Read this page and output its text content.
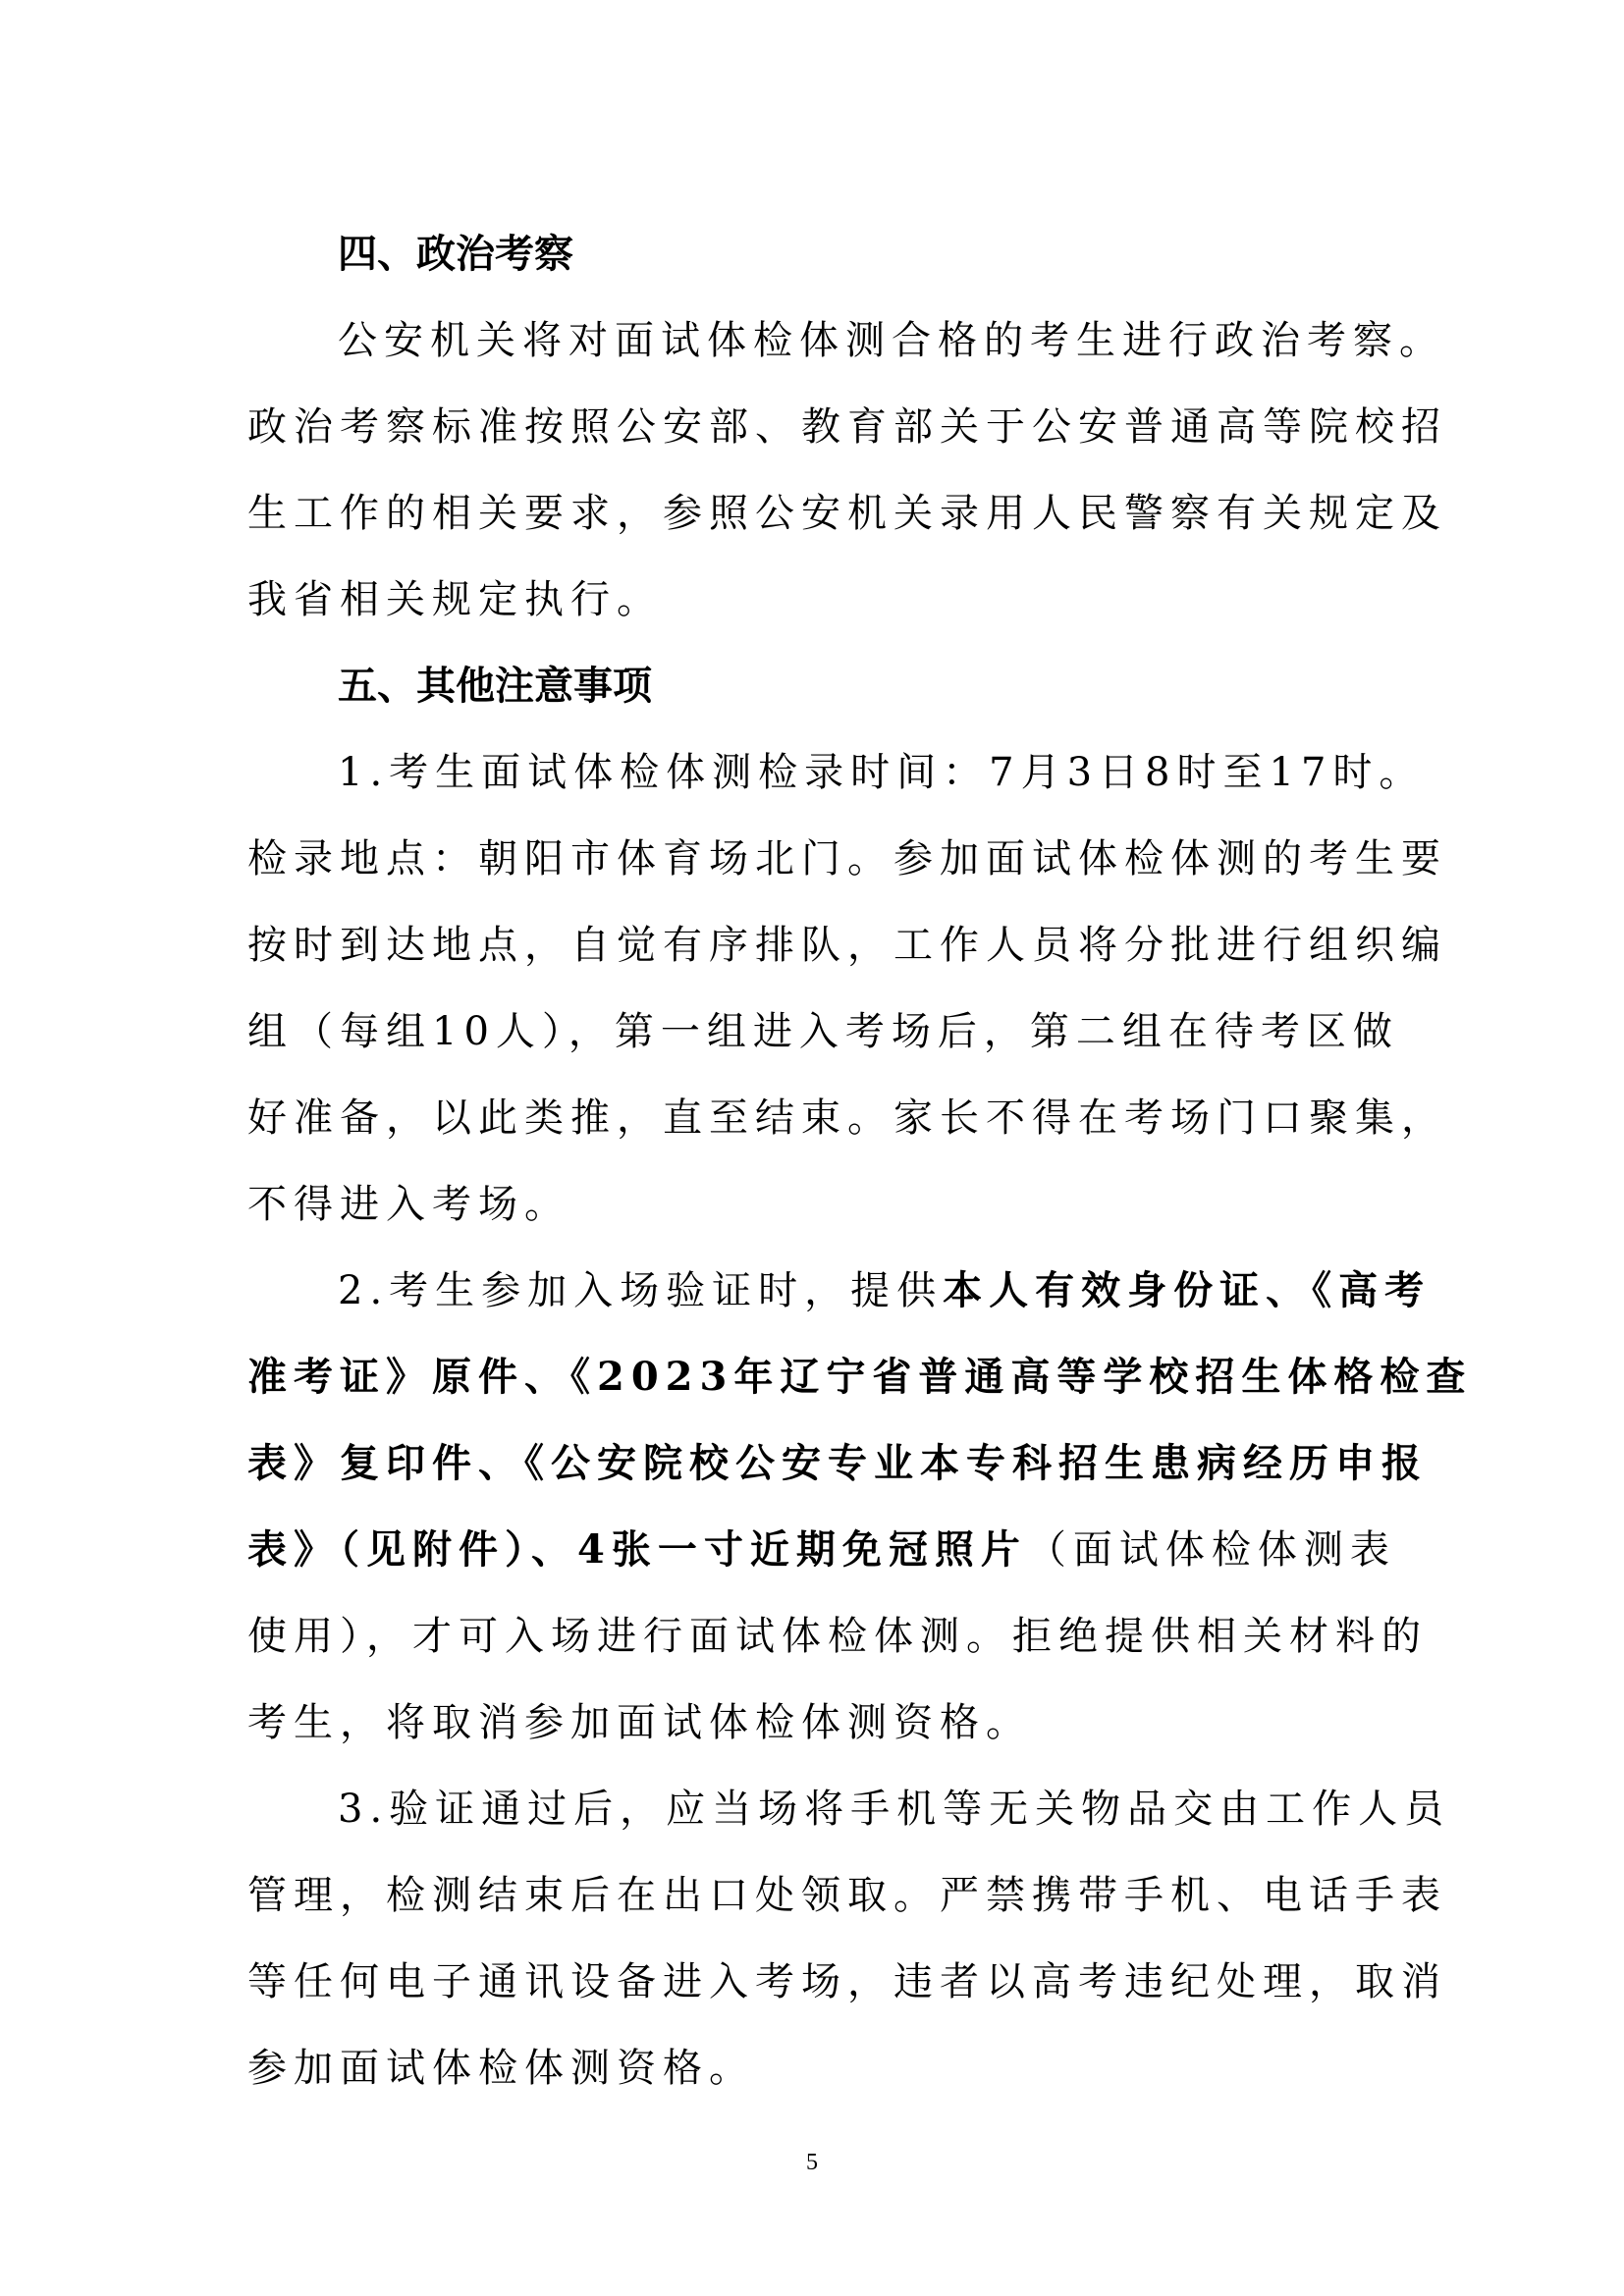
四、政治考察

公安机关将对面试体检体测合格的考生进行政治考察。
政治考察标准按照公安部、教育部关于公安普通高等院校招
生工作的相关要求，参照公安机关录用人民警察有关规定及
我省相关规定执行。

五、其他注意事项

1.考生面试体检体测检录时间：7月3日8时至17时。
检录地点：朝阳市体育场北门。参加面试体检体测的考生要
按时到达地点，自觉有序排队，工作人员将分批进行组织编
组（每组10人），第一组进入考场后，第二组在待考区做
好准备，以此类推，直至结束。家长不得在考场门口聚集，
不得进入考场。

2.考生参加入场验证时，提供本人有效身份证、《高考
准考证》原件、《2023年辽宁省普通高等学校招生体格检查
表》复印件、《公安院校公安专业本专科招生患病经历申报
表》（见附件）、4张一寸近期免冠照片（面试体检体测表
使用），才可入场进行面试体检体测。拒绝提供相关材料的
考生，将取消参加面试体检体测资格。

3.验证通过后，应当场将手机等无关物品交由工作人员
管理，检测结束后在出口处领取。严禁携带手机、电话手表
等任何电子通讯设备进入考场，违者以高考违纪处理，取消
参加面试体检体测资格。

5
